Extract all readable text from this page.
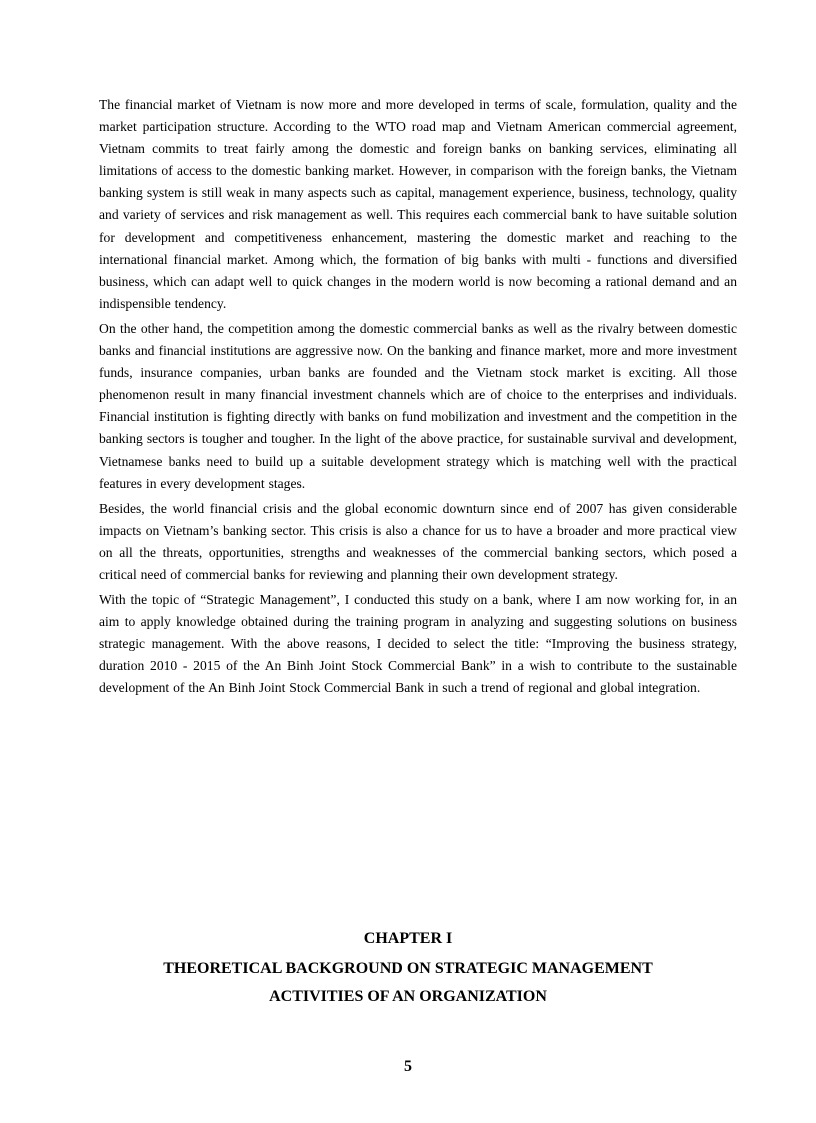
The financial market of Vietnam is now more and more developed in terms of scale, formulation, quality and the market participation structure. According to the WTO road map and Vietnam American commercial agreement, Vietnam commits to treat fairly among the domestic and foreign banks on banking services, eliminating all limitations of access to the domestic banking market. However, in comparison with the foreign banks, the Vietnam banking system is still weak in many aspects such as capital, management experience, business, technology, quality and variety of services and risk management as well. This requires each commercial bank to have suitable solution for development and competitiveness enhancement, mastering the domestic market and reaching to the international financial market. Among which, the formation of big banks with multi - functions and diversified business, which can adapt well to quick changes in the modern world is now becoming a rational demand and an indispensible tendency.

On the other hand, the competition among the domestic commercial banks as well as the rivalry between domestic banks and financial institutions are aggressive now. On the banking and finance market, more and more investment funds, insurance companies, urban banks are founded and the Vietnam stock market is exciting. All those phenomenon result in many financial investment channels which are of choice to the enterprises and individuals. Financial institution is fighting directly with banks on fund mobilization and investment and the competition in the banking sectors is tougher and tougher. In the light of the above practice, for sustainable survival and development, Vietnamese banks need to build up a suitable development strategy which is matching well with the practical features in every development stages.

Besides, the world financial crisis and the global economic downturn since end of 2007 has given considerable impacts on Vietnam’s banking sector. This crisis is also a chance for us to have a broader and more practical view on all the threats, opportunities, strengths and weaknesses of the commercial banking sectors, which posed a critical need of commercial banks for reviewing and planning their own development strategy.

With the topic of “Strategic Management”, I conducted this study on a bank, where I am now working for, in an aim to apply knowledge obtained during the training program in analyzing and suggesting solutions on business strategic management. With the above reasons, I decided to select the title: “Improving the business strategy, duration 2010 - 2015 of the An Binh Joint Stock Commercial Bank” in a wish to contribute to the sustainable development of the An Binh Joint Stock Commercial Bank in such a trend of regional and global integration.

CHAPTER I
THEORETICAL BACKGROUND ON STRATEGIC MANAGEMENT
ACTIVITIES OF AN ORGANIZATION
5
